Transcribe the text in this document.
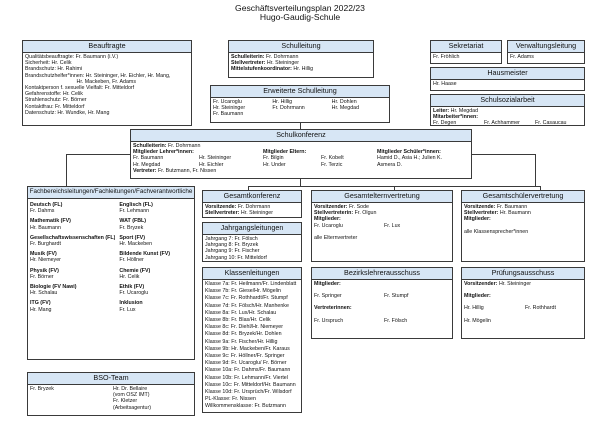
Geschäftsverteilungsplan 2022/23
Hugo-Gaudig-Schule
Beauftragte
Qualitätsbeauftragte: Fr. Baumann (i.V.)
Sicherheit: Hr. Celik
Brandschutz: Hr. Rahimi
Brandschutzhelfer*innen: Hr. Steininger, Hr. Eichler, Hr. Mang,
Hr. Mackeben, Fr. Adams
Kontaktperson f. sexuelle Vielfalt: Fr. Mitteldorf
Gefahrenstoffe: Hr. Celik
Strahlenschutz: Fr. Börner
Kontaktfrau: Fr. Mitteldorf
Datenschutz: Hr. Wundke, Hr. Mang
Schulleitung
Schulleiterin: Fr. Dohrmann
Stellvertreter: Hr. Steininger
Mittelstufenkoordinator: Hr. Hillig
Erweiterte Schulleitung
Fr. Ucaroglu
Hr. Steininger
Fr. Baumann
Hr. Hillig
Fr. Dohrmann
Hr. Dohlen
Hr. Megdad
Sekretariat
Fr. Fröhlich
Verwaltungsleitung
Fr. Adams
Hausmeister
Hr. Haase
Schulsozialarbeit
Leiter: Hr. Megdad
Mitarbeiter*innen:
Fr. Degen	Fr. Achhammer	Fr. Casaucau
Schulkonferenz
Schulleiterin: Fr. Dohrmann
Mitglieder Lehrer*innen:
Fr. Baumann	Hr. Steininger
Hr. Megdad	Hr. Eichler
Vertreter: Fr. Butzmann, Fr. Nissen
Mitglieder Eltern:
Fr. Bilgin	Fr. Kobelt
Hr. Ünder	Fr. Terzic
Mitglieder Schüler*innen:
Hamid D., Asia H.; Julien K.
Asmera D.
Fachbereichsleitungen/Fachleitungen/Fachverantwortliche
Deutsch (FL)
Fr. Dahms
Englisch (FL)
Fr. Lehmann
Mathematik (FV)
Hr. Baumann
WAT (FBL)
Fr. Bryzek
Gesellschaftswissenschaften (FL)
Fr. Burghardt
Sport (FV)
Hr. Mackeben
Musik (FV)
Hr. Niemeyer
Bildende Kunst (FV)
Fr. Höllner
Physik (FV)
Fr. Börner
Chemie (FV)
Hr. Celik
Biologie (FV Nawi)
Hr. Schalau
Ethik (FV)
Fr. Ucaroglu
ITG (FV)
Hr. Mang
Inklusion
Fr. Lux
BSO-Team
Fr. Bryzek	Hr. Dr. Bellaire
(vom OSZ IMT)
Fr. Kletzer
(Arbeitsagentur)
Gesamtkonferenz
Vorsitzende: Fr. Dohrmann
Stellvertreter: Hr. Steininger
Jahrgangsleitungen
Jahrgang 7: Fr. Fölsch
Jahrgang 8: Fr. Bryzek
Jahrgang 9: Fr. Fischer
Jahrgang 10: Fr. Mitteldorf
Klassenleitungen
Klasse 7a: Fr. Heilmann/Fr. Lindenblatt
Klasse 7b: Fr. Giese/Hr. Mögelin
Klasse 7c: Fr. Rothhardt/Fr. Stumpf
Klasse 7d: Fr. Fölsch/Hr. Manhenke
Klasse 8a: Fr. Lux/Hr. Schalau
Klasse 8b: Fr. Blas/Hr. Celik
Klasse 8c: Fr. Diehl/Hr. Niemeyer
Klasse 8d: Fr. Bryzek/Hr. Dohlen
Klasse 9a: Fr. Fischer/Hr. Hillig
Klasse 9b: Hr. Mackeben/Fr. Karaus
Klasse 9c: Fr. Höllner/Fr. Springer
Klasse 9d: Fr. Ucaroglu/ Fr. Börner
Klasse 10a: Fr. Dahms/Fr. Baumann
Klasse 10b: Fr. Lehmann/Fr. Viertel
Klasse 10c: Fr. Mitteldorf/Hr. Baumann
Klasse 10d: Fr. Ursprüch/Fr. Wilsdorf
PL-Klasse: Fr. Nissen
Willkommensklasse: Fr. Butzmann
Gesamtelternvertretung
Vorsitzender: Fr. Sode
Stellvertreterin: Fr. Olgun
Mitglieder:
Fr. Ucaroglu	Fr. Lux
alle Elternvertreter
Gesamtschülervertretung
Vorsitzende: Fr. Baumann
Stellvertreter: Hr. Baumann
Mitglieder:
alle Klassensprecher*innen
Bezirkslehrerausschuss
Mitglieder:
Fr. Springer	Fr. Stumpf
Vertreterinnen:
Fr. Urspruch	Fr. Fölsch
Prüfungsausschuss
Vorsitzender: Hr. Steininger
Mitglieder:
Hr. Hillig	Fr. Rothhardt
Hr. Mögelin
